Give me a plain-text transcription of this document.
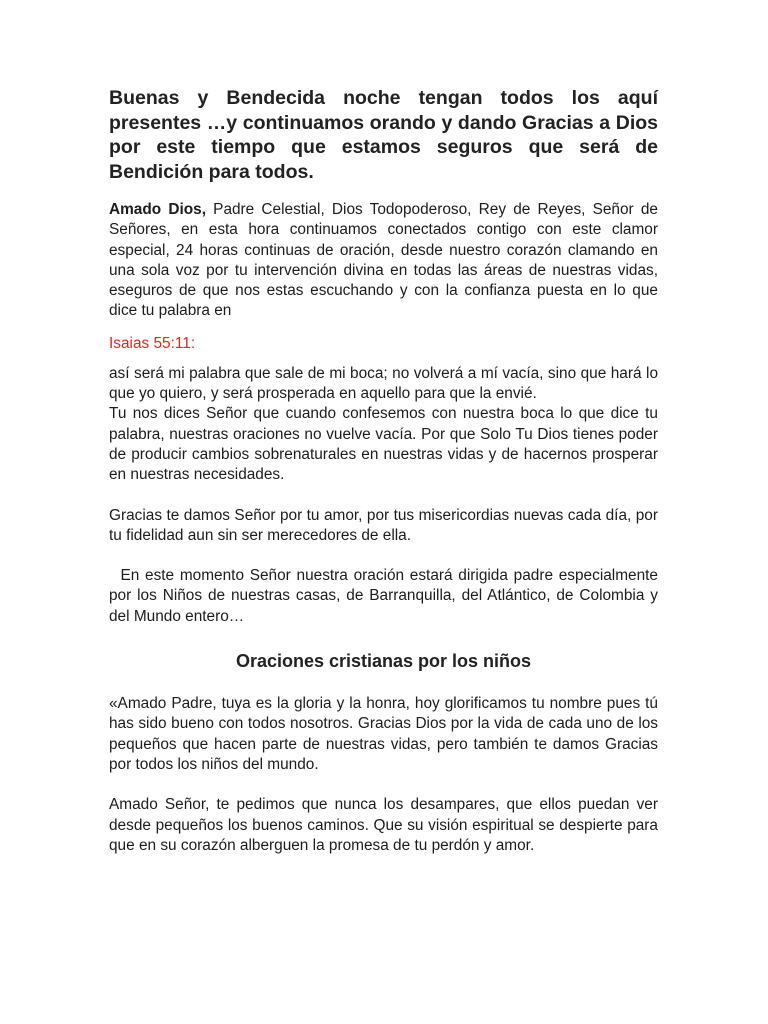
Buenas y Bendecida noche tengan todos los aquí presentes …y continuamos orando y dando Gracias a Dios por este tiempo que estamos seguros que será de Bendición para todos.

Amado Dios, Padre Celestial, Dios Todopoderoso, Rey de Reyes, Señor de Señores, en esta hora continuamos conectados contigo con este clamor especial, 24 horas continuas de oración, desde nuestro corazón clamando en una sola voz por tu intervención divina en todas las áreas de nuestras vidas, eseguros de que nos estas escuchando y con la confianza puesta en lo que dice tu palabra en

Isaias 55:11:

así será mi palabra que sale de mi boca; no volverá a mí vacía, sino que hará lo que yo quiero, y será prosperada en aquello para que la envié.

Tu nos dices Señor que cuando confesemos con nuestra boca lo que dice tu palabra, nuestras oraciones no vuelve vacía. Por que Solo Tu Dios tienes poder de producir cambios sobrenaturales en nuestras vidas y de hacernos prosperar en nuestras necesidades.

Gracias te damos Señor por tu amor, por tus misericordias nuevas cada día, por tu fidelidad aun sin ser merecedores de ella.

En este momento Señor nuestra oración estará dirigida padre especialmente por los Niños de nuestras casas, de Barranquilla, del Atlántico, de Colombia y del Mundo entero…

Oraciones cristianas por los niños

«Amado Padre, tuya es la gloria y la honra, hoy glorificamos tu nombre pues tú has sido bueno con todos nosotros. Gracias Dios por la vida de cada uno de los pequeños que hacen parte de nuestras vidas, pero también te damos Gracias por todos los niños del mundo.

Amado Señor, te pedimos que nunca los desampares, que ellos puedan ver desde pequeños los buenos caminos. Que su visión espiritual se despierte para que en su corazón alberguen la promesa de tu perdón y amor.
